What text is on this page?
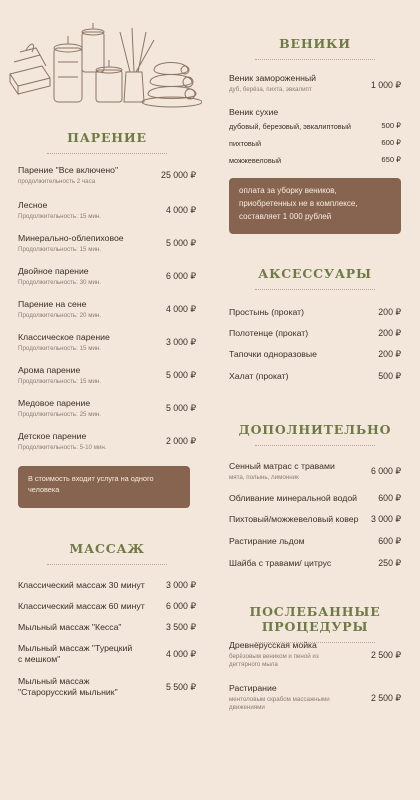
ПАРЕНИЕ
Парение "Все включено"
продолжительность 2 часа
25 000 ₽
Лесное
Продолжительность: 15 мин.
4 000 ₽
Минерально-облепиховое
Продолжительность: 15 мин.
5 000 ₽
Двойное парение
Продолжительность: 30 мин.
6 000 ₽
Парение на сене
Продолжительность: 20 мин.
4 000 ₽
Классическое парение
Продолжительность: 15 мин.
3 000 ₽
Арома парение
Продолжительность: 15 мин.
5 000 ₽
Медовое парение
Продолжительность: 25 мин.
5 000 ₽
Детское парение
Продолжительность: 5-10 мин.
2 000 ₽
В стоимость входит услуга на одного человека
МАССАЖ
Классический массаж 30 минут	3 000 ₽
Классический массаж 60 минут	6 000 ₽
Мыльный массаж "Кесса"	3 500 ₽
Мыльный массаж "Турецкий с мешком"	4 000 ₽
Мыльный массаж "Старорусский мыльник"	5 500 ₽
ВЕНИКИ
Веник замороженный
дуб, берёза, пихта, эвкалипт	1 000 ₽
Веник сухие
дубовый, березовый, эвкалиптовый	500 ₽
пихтовый	600 ₽
можжевеловый	650 ₽
оплата за уборку веников, приобретенных не в комплексе, составляет 1 000 рублей
АКСЕССУАРЫ
Простынь (прокат)	200 ₽
Полотенце (прокат)	200 ₽
Тапочки одноразовые	200 ₽
Халат (прокат)	500 ₽
ДОПОЛНИТЕЛЬНО
Сенный матрас с травами
мята, полынь, лимонник
6 000 ₽
Обливание минеральной водой	600 ₽
Пихтовый/можжевеловый ковер	3 000 ₽
Растирание льдом	600 ₽
Шайба с травами/ цитрус	250 ₽
ПОСЛЕБАННЫЕ ПРОЦЕДУРЫ
Древнерусская мойка
берёзовым веником и пеной из дегтярного мыла
2 500 ₽
Растирание
ментоловым скрабом массажными движениями
2 500 ₽
